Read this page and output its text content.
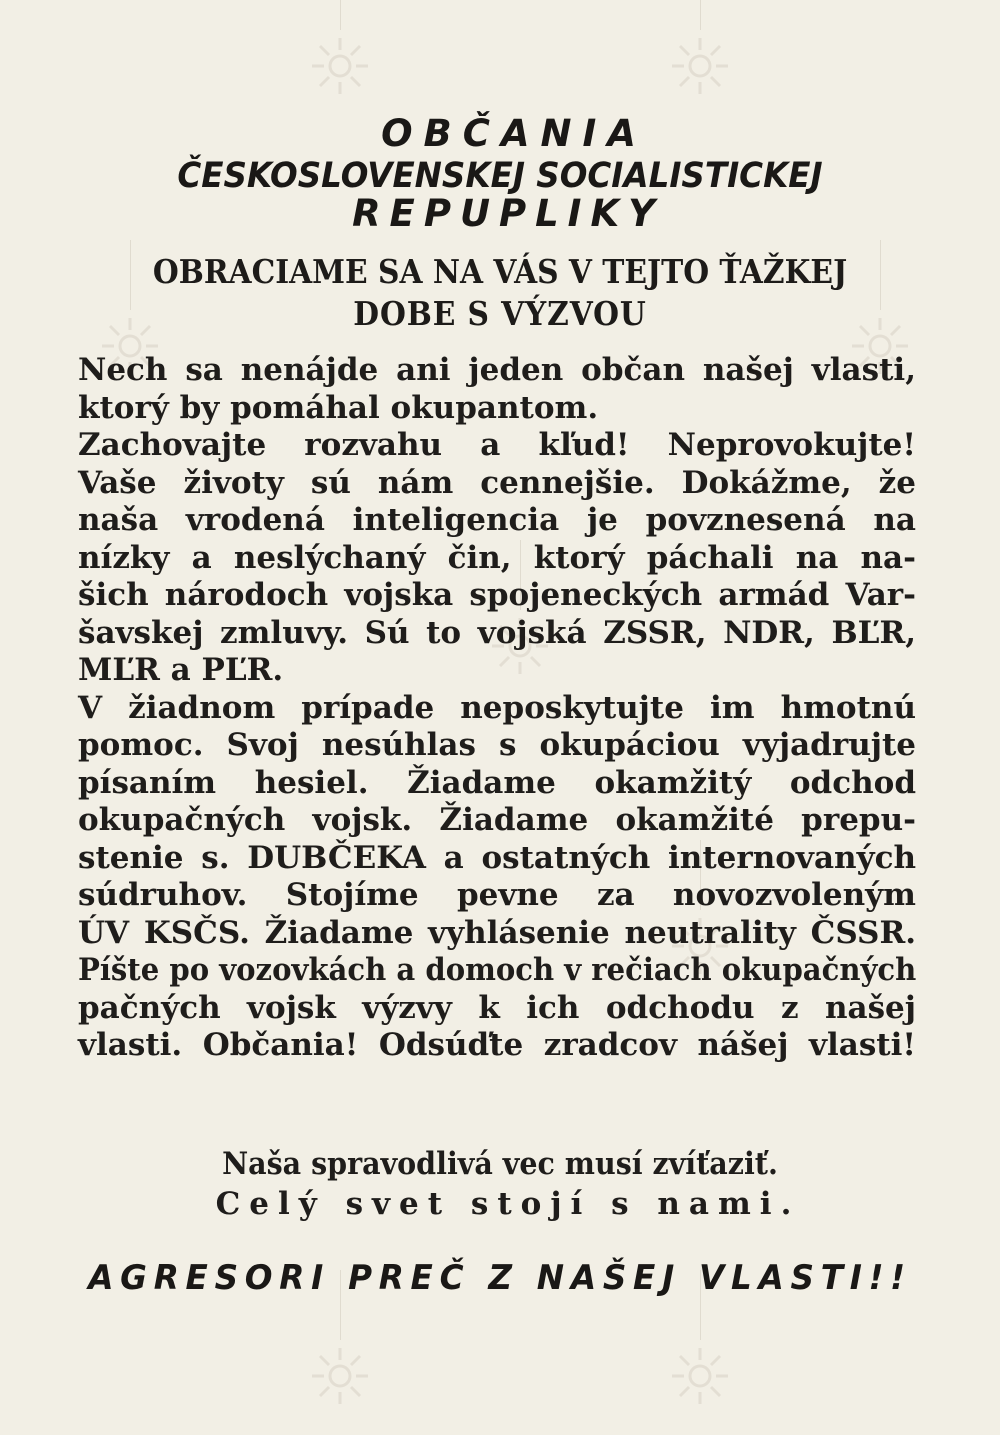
OBČANIA
ČESKOSLOVENSKEJ SOCIALISTICKEJ
REPUPLIKY
OBRACIAME SA NA VÁS V TEJTO ŤAŽKEJ
DOBE S VÝZVOU
Nech sa nenájde ani jeden občan našej vlasti,
ktorý by pomáhal okupantom.
Zachovajte rozvahu a kľud! Neprovokujte!
Vaše životy sú nám cennejšie. Dokážme, že
naša vrodená inteligencia je povznesená na
nízky a neslýchaný čin, ktorý páchali na na-
šich národoch vojska spojeneckých armád Var-
šavskej zmluvy. Sú to vojská ZSSR, NDR, BĽR,
MĽR a PĽR.
V žiadnom prípade neposkytujte im hmotnú
pomoc. Svoj nesúhlas s okupáciou vyjadrujte
písaním hesiel. Žiadame okamžitý odchod
okupačných vojsk. Žiadame okamžité prepu-
stenie s. DUBČEKA a ostatných internovaných
súdruhov. Stojíme pevne za novozvoleným
ÚV KSČS. Žiadame vyhlásenie neutrality ČSSR.
Píšte po vozovkách a domoch v rečiach okupačných
pačných vojsk výzvy k ich odchodu z našej
vlasti. Občania! Odsúďte zradcov nášej vlasti!
Naša spravodlivá vec musí zvíťaziť.
Celý svet stojí s nami.
AGRESORI PREČ Z NAŠEJ VLASTI!!
